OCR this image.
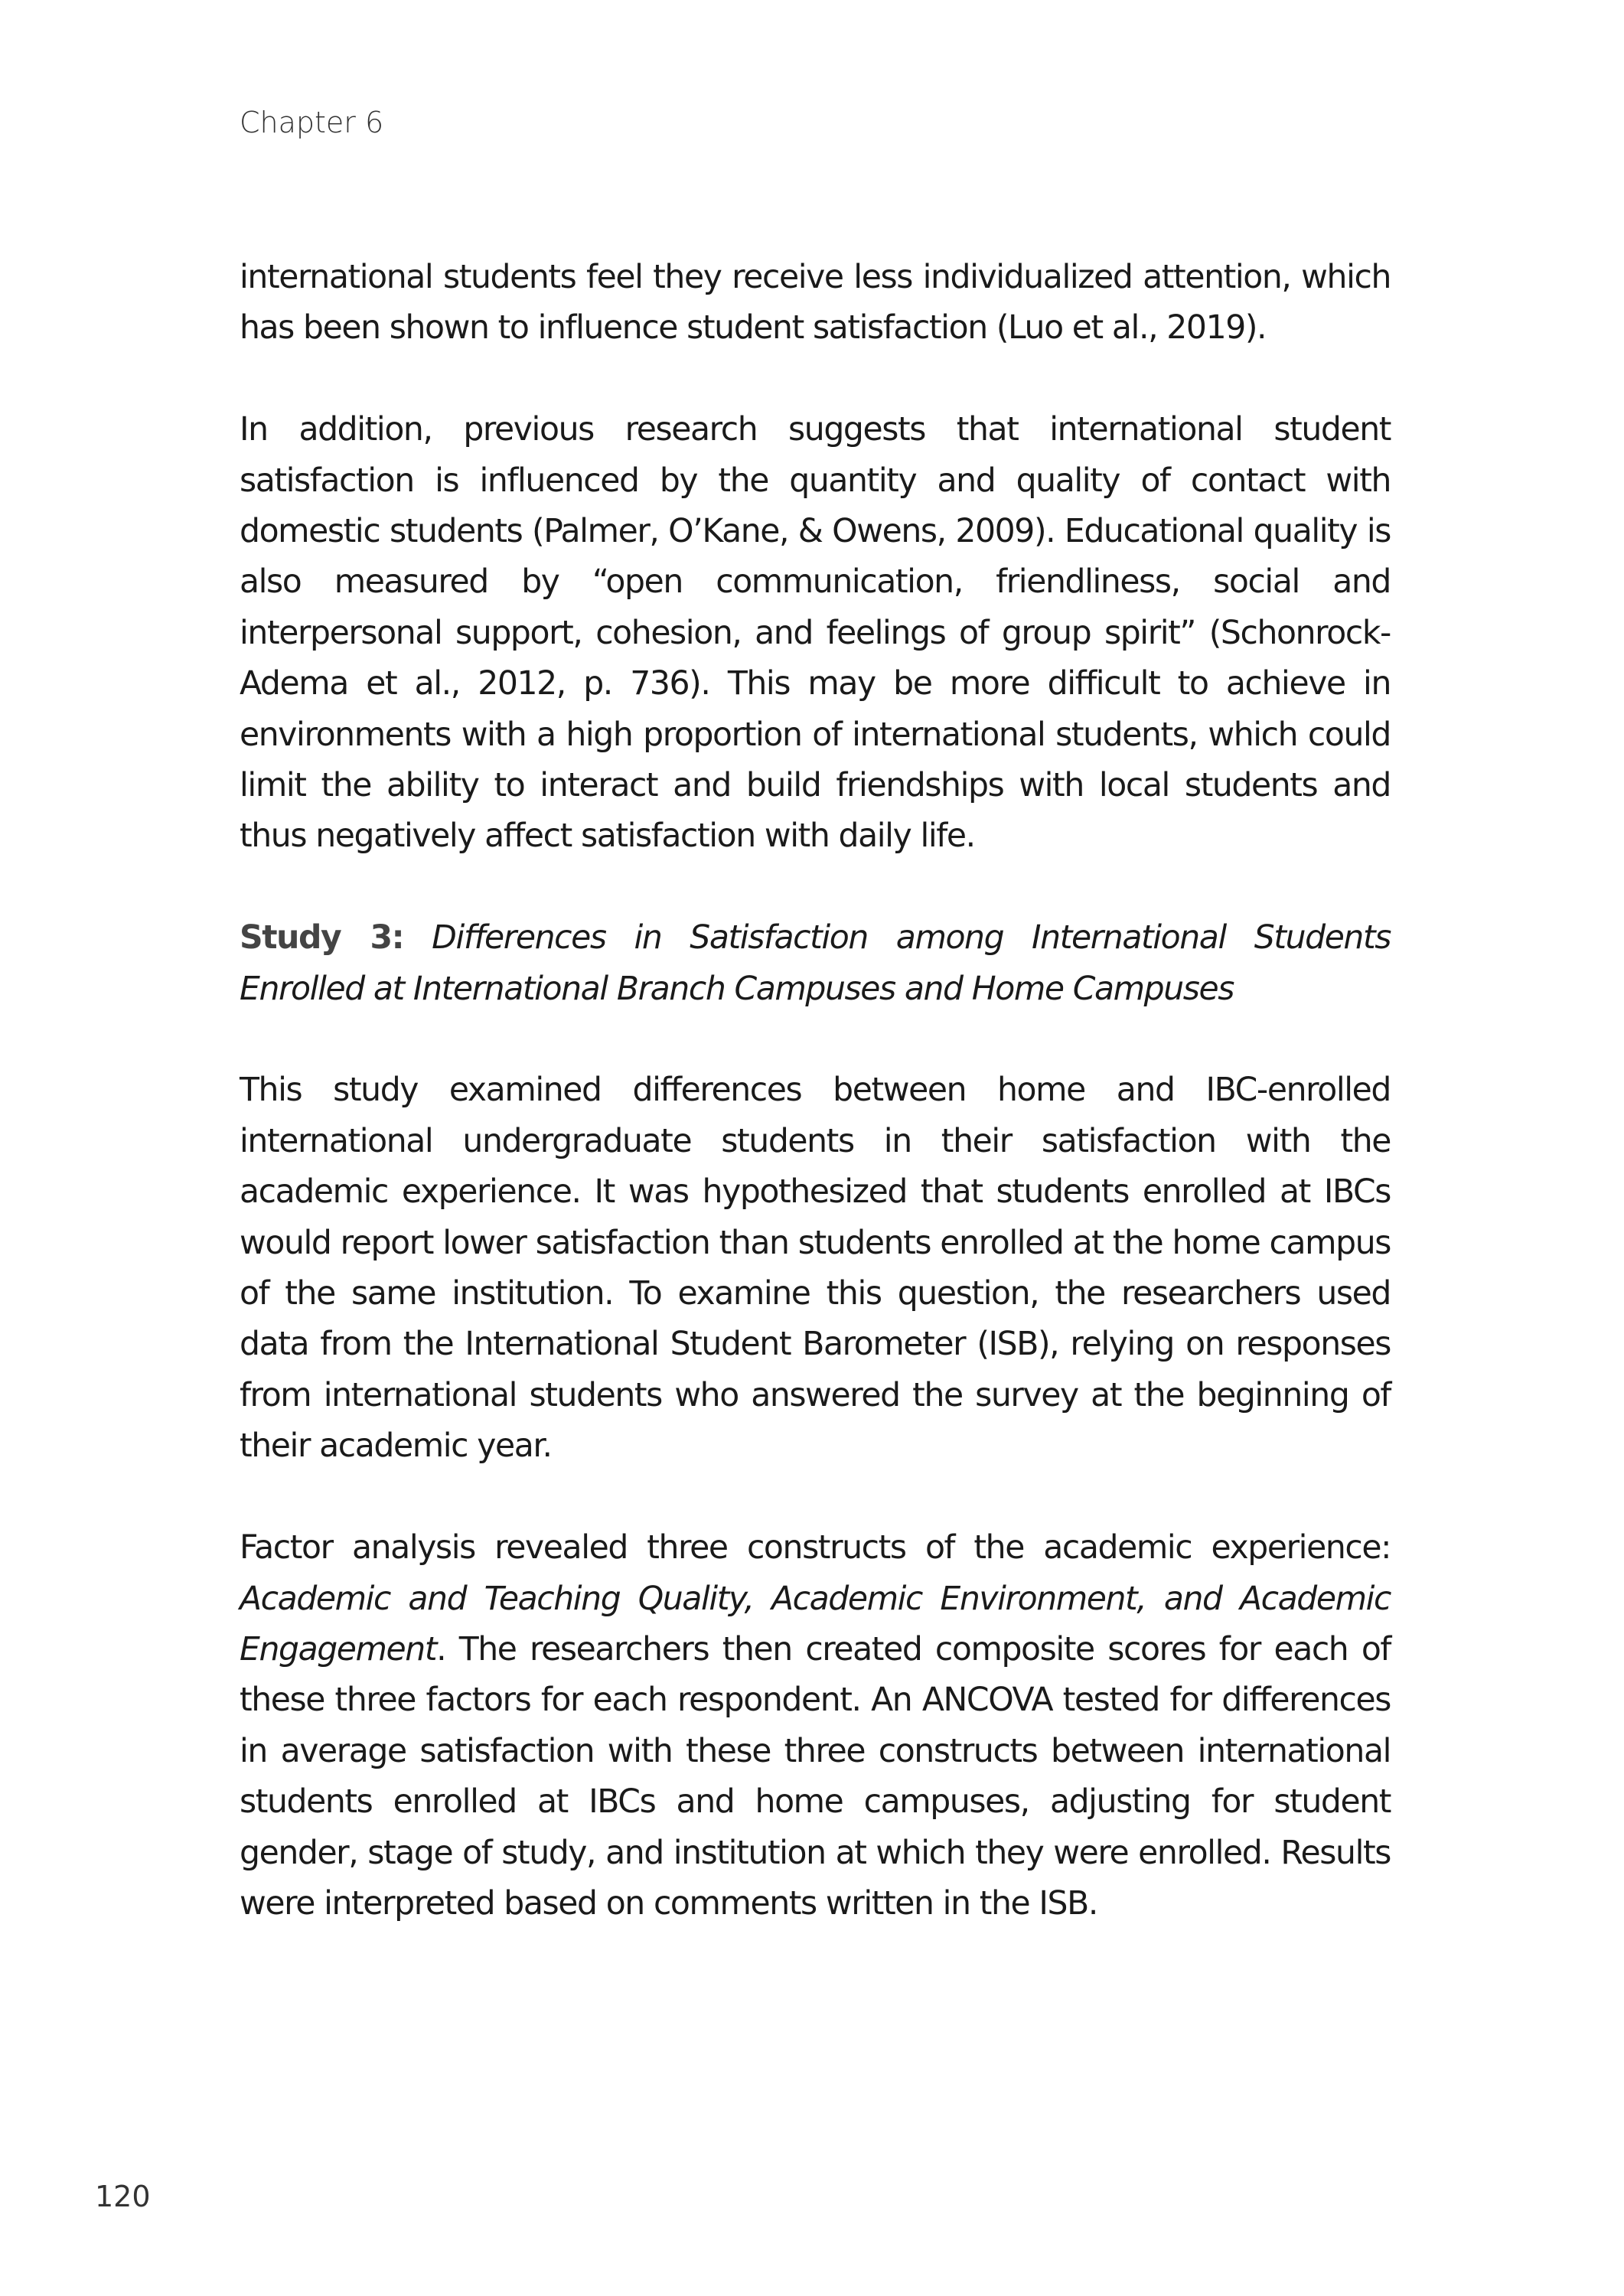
Chapter 6

international students feel they receive less individualized attention, which has been shown to influence student satisfaction (Luo et al., 2019).

In addition, previous research suggests that international student satisfaction is influenced by the quantity and quality of contact with domestic students (Palmer, O’Kane, & Owens, 2009). Educational quality is also measured by “open communication, friendliness, social and interpersonal support, cohesion, and feelings of group spirit” (Schonrock-Adema et al., 2012, p. 736). This may be more difficult to achieve in environments with a high proportion of international students, which could limit the ability to interact and build friendships with local students and thus negatively affect satisfaction with daily life.

Study 3: Differences in Satisfaction among International Students Enrolled at International Branch Campuses and Home Campuses

This study examined differences between home and IBC-enrolled international undergraduate students in their satisfaction with the academic experience. It was hypothesized that students enrolled at IBCs would report lower satisfaction than students enrolled at the home campus of the same institution. To examine this question, the researchers used data from the International Student Barometer (ISB), relying on responses from international students who answered the survey at the beginning of their academic year.

Factor analysis revealed three constructs of the academic experience: Academic and Teaching Quality, Academic Environment, and Academic Engagement. The researchers then created composite scores for each of these three factors for each respondent. An ANCOVA tested for differences in average satisfaction with these three constructs between international students enrolled at IBCs and home campuses, adjusting for student gender, stage of study, and institution at which they were enrolled. Results were interpreted based on comments written in the ISB.

120
